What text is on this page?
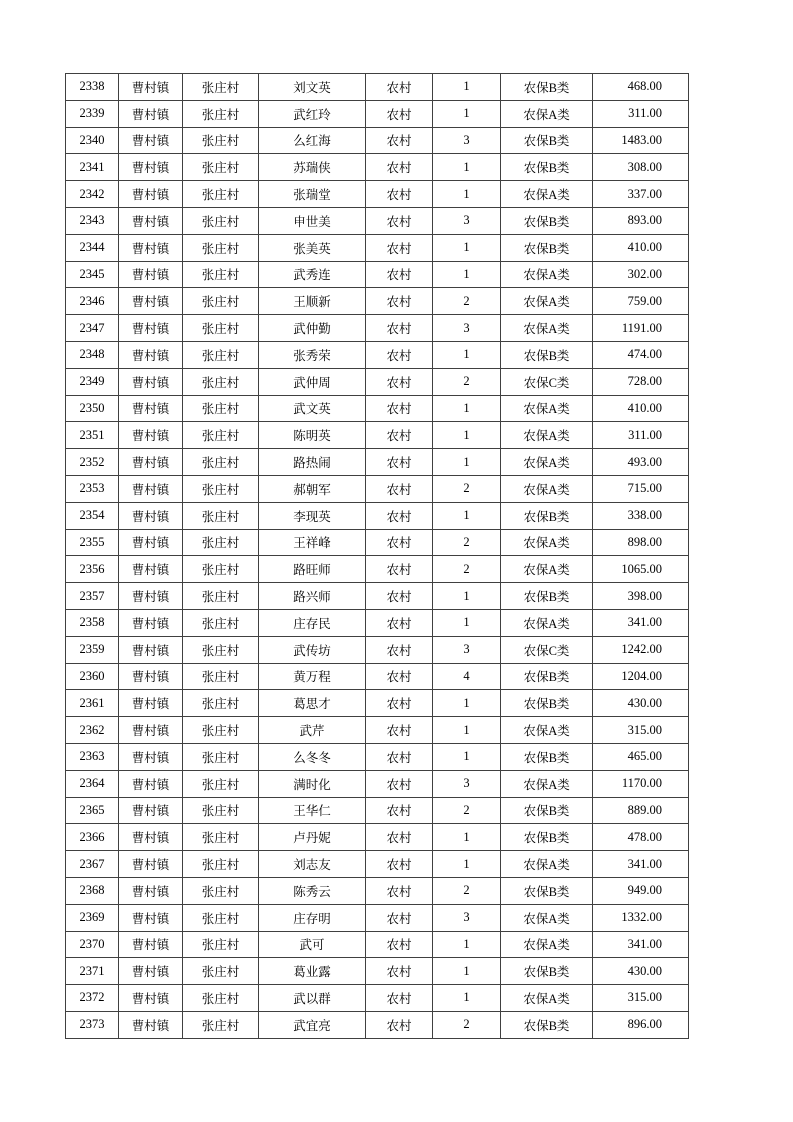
2338	曹村镇	张庄村	刘文英	农村	1	农保B类	468.00
2339	曹村镇	张庄村	武红玲	农村	1	农保A类	311.00
2340	曹村镇	张庄村	么红海	农村	3	农保B类	1483.00
2341	曹村镇	张庄村	苏瑞侠	农村	1	农保B类	308.00
2342	曹村镇	张庄村	张瑞堂	农村	1	农保A类	337.00
2343	曹村镇	张庄村	申世美	农村	3	农保B类	893.00
2344	曹村镇	张庄村	张美英	农村	1	农保B类	410.00
2345	曹村镇	张庄村	武秀连	农村	1	农保A类	302.00
2346	曹村镇	张庄村	王顺新	农村	2	农保A类	759.00
2347	曹村镇	张庄村	武仲勤	农村	3	农保A类	1191.00
2348	曹村镇	张庄村	张秀荣	农村	1	农保B类	474.00
2349	曹村镇	张庄村	武仲周	农村	2	农保C类	728.00
2350	曹村镇	张庄村	武文英	农村	1	农保A类	410.00
2351	曹村镇	张庄村	陈明英	农村	1	农保A类	311.00
2352	曹村镇	张庄村	路热闹	农村	1	农保A类	493.00
2353	曹村镇	张庄村	郝朝军	农村	2	农保A类	715.00
2354	曹村镇	张庄村	李现英	农村	1	农保B类	338.00
2355	曹村镇	张庄村	王祥峰	农村	2	农保A类	898.00
2356	曹村镇	张庄村	路旺师	农村	2	农保A类	1065.00
2357	曹村镇	张庄村	路兴师	农村	1	农保B类	398.00
2358	曹村镇	张庄村	庄存民	农村	1	农保A类	341.00
2359	曹村镇	张庄村	武传坊	农村	3	农保C类	1242.00
2360	曹村镇	张庄村	黄万程	农村	4	农保B类	1204.00
2361	曹村镇	张庄村	葛思才	农村	1	农保B类	430.00
2362	曹村镇	张庄村	武芹	农村	1	农保A类	315.00
2363	曹村镇	张庄村	么冬冬	农村	1	农保B类	465.00
2364	曹村镇	张庄村	满时化	农村	3	农保A类	1170.00
2365	曹村镇	张庄村	王华仁	农村	2	农保B类	889.00
2366	曹村镇	张庄村	卢丹妮	农村	1	农保B类	478.00
2367	曹村镇	张庄村	刘志友	农村	1	农保A类	341.00
2368	曹村镇	张庄村	陈秀云	农村	2	农保B类	949.00
2369	曹村镇	张庄村	庄存明	农村	3	农保A类	1332.00
2370	曹村镇	张庄村	武可	农村	1	农保A类	341.00
2371	曹村镇	张庄村	葛业露	农村	1	农保B类	430.00
2372	曹村镇	张庄村	武以群	农村	1	农保A类	315.00
2373	曹村镇	张庄村	武宜亮	农村	2	农保B类	896.00
